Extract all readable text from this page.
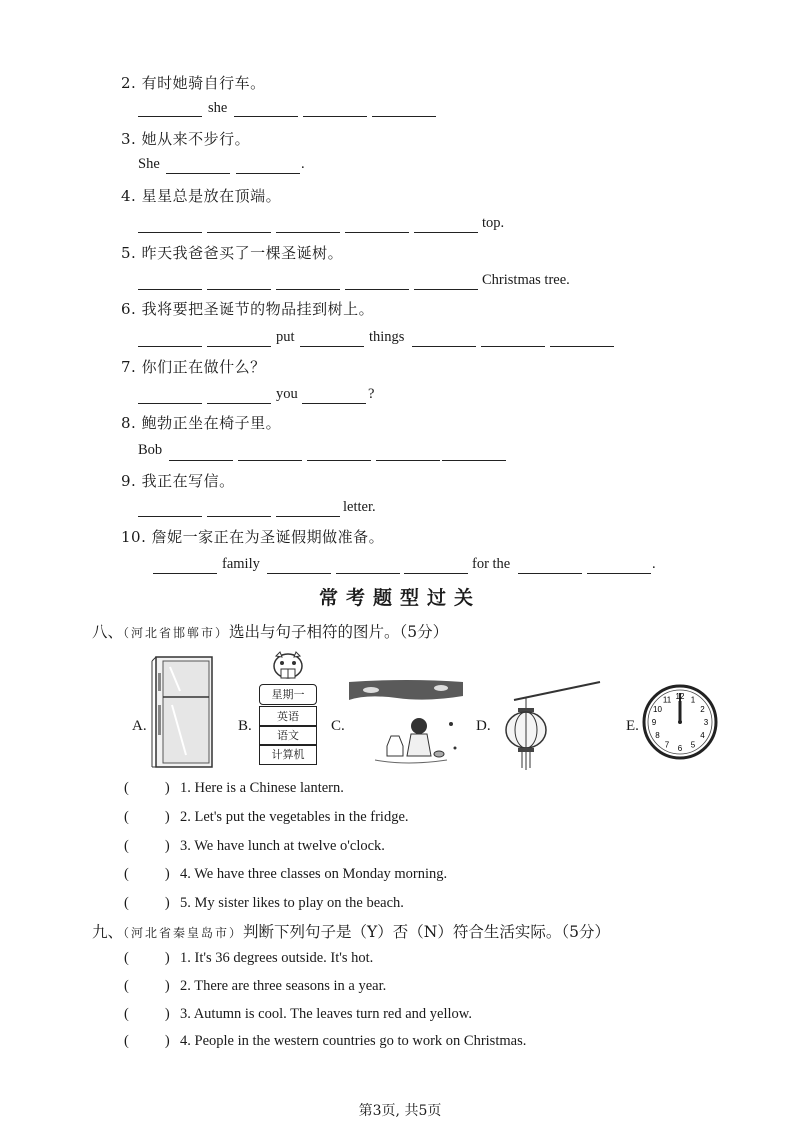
2. 有时她骑自行车。
she
3. 她从来不步行。
She	.
4. 星星总是放在顶端。
top.
5. 昨天我爸爸买了一棵圣诞树。
Christmas tree.
6. 我将要把圣诞节的物品挂到树上。
put	things
7. 你们正在做什么？
you	?
8. 鲍勃正坐在椅子里。
Bob
9. 我正在写信。
letter.
10. 詹妮一家正在为圣诞假期做准备。
family	for the	.
常考题型过关
八、（河北省邯郸市）选出与句子相符的图片。（5分）
A.	B.
星期一
英语
语文
计算机
C.	D.	E.
12 1
2
3
4
5
6
7
8
9
10
11
( ) 1. Here is a Chinese lantern.
( ) 2. Let's put the vegetables in the fridge.
( ) 3. We have lunch at twelve o'clock.
( ) 4. We have three classes on Monday morning.
( ) 5. My sister likes to play on the beach.
九、（河北省秦皇岛市）判断下列句子是（Y）否（N）符合生活实际。（5分）
( ) 1. It's 36 degrees outside. It's hot.
( ) 2. There are three seasons in a year.
( ) 3. Autumn is cool. The leaves turn red and yellow.
( ) 4. People in the western countries go to work on Christmas.
第3页, 共5页
